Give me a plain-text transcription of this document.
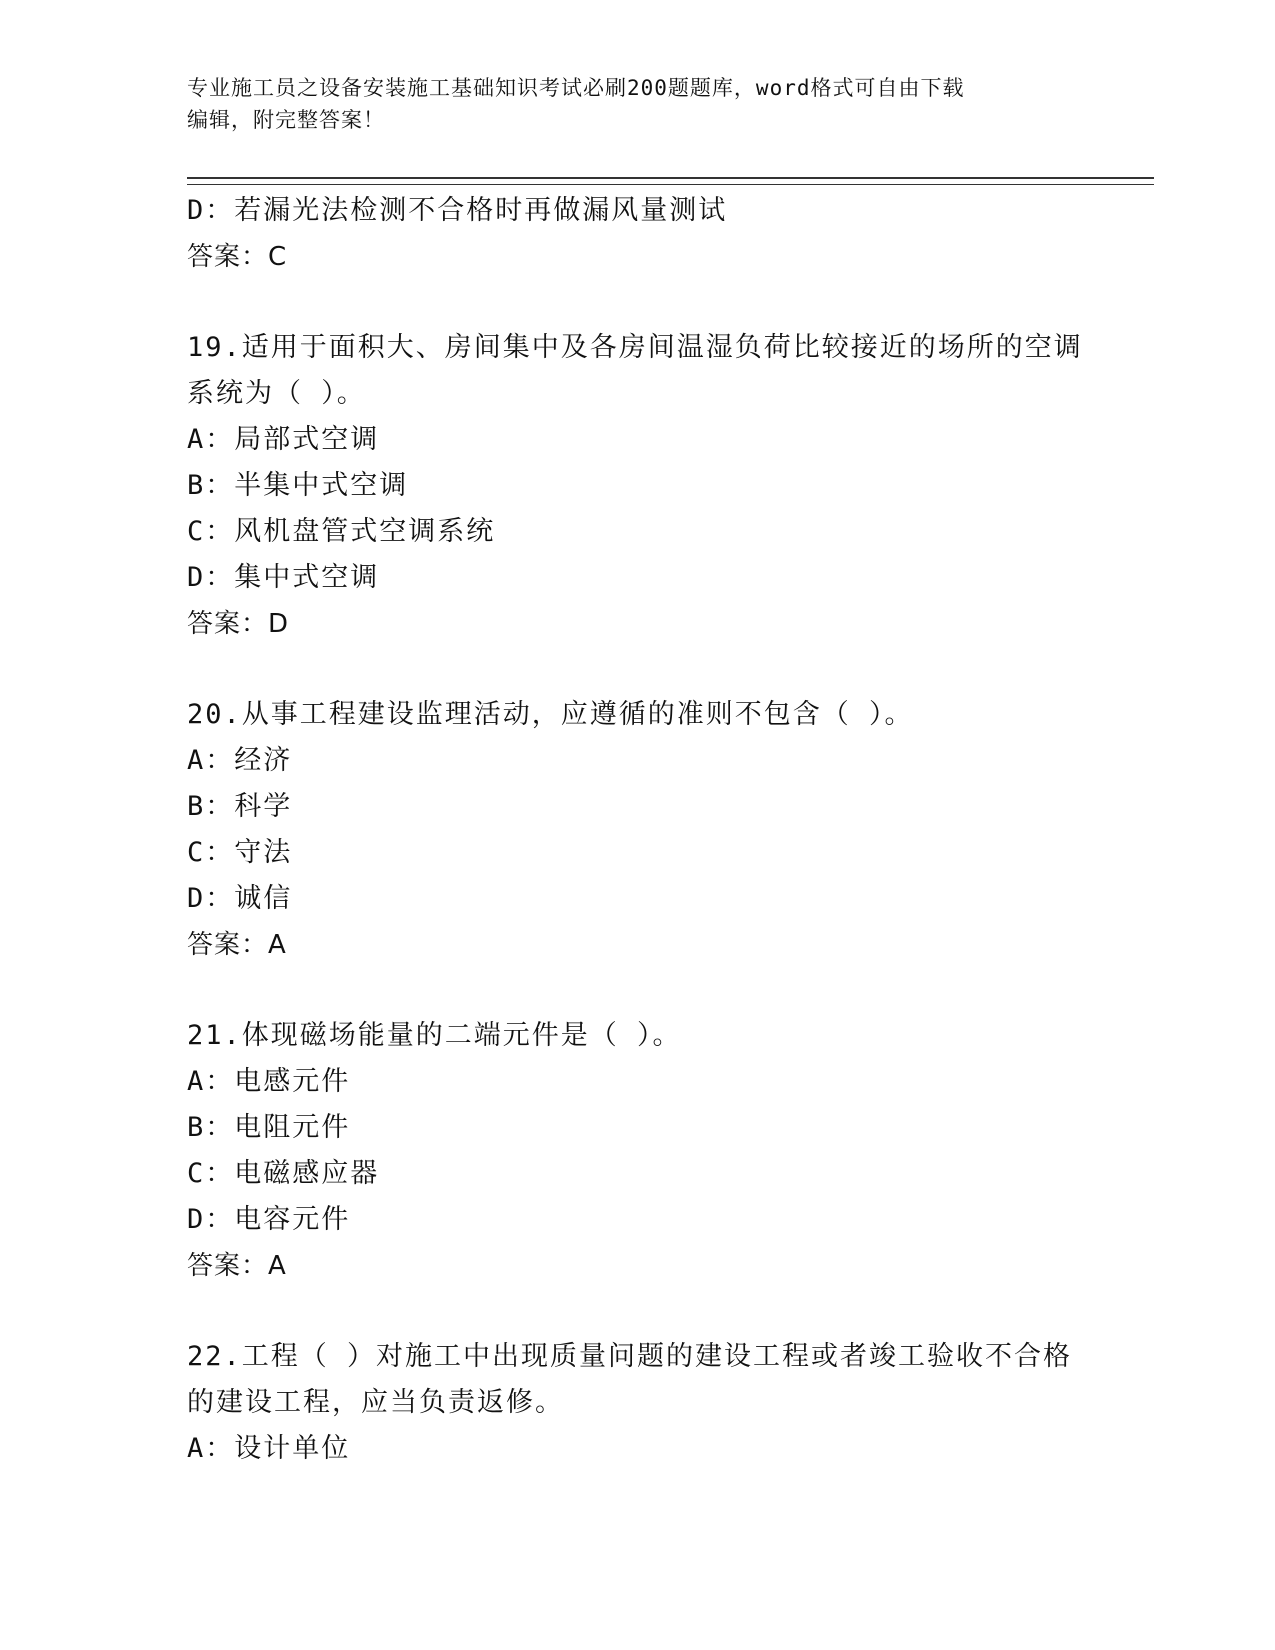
专业施工员之设备安装施工基础知识考试必刷200题题库，word格式可自由下载
编辑，附完整答案！
D：若漏光法检测不合格时再做漏风量测试
答案：C
19.适用于面积大、房间集中及各房间温湿负荷比较接近的场所的空调
系统为（ ）。
A：局部式空调
B：半集中式空调
C：风机盘管式空调系统
D：集中式空调
答案：D
20.从事工程建设监理活动，应遵循的准则不包含（ ）。
A：经济
B：科学
C：守法
D：诚信
答案：A
21.体现磁场能量的二端元件是（ ）。
A：电感元件
B：电阻元件
C：电磁感应器
D：电容元件
答案：A
22.工程（ ）对施工中出现质量问题的建设工程或者竣工验收不合格
的建设工程，应当负责返修。
A：设计单位
